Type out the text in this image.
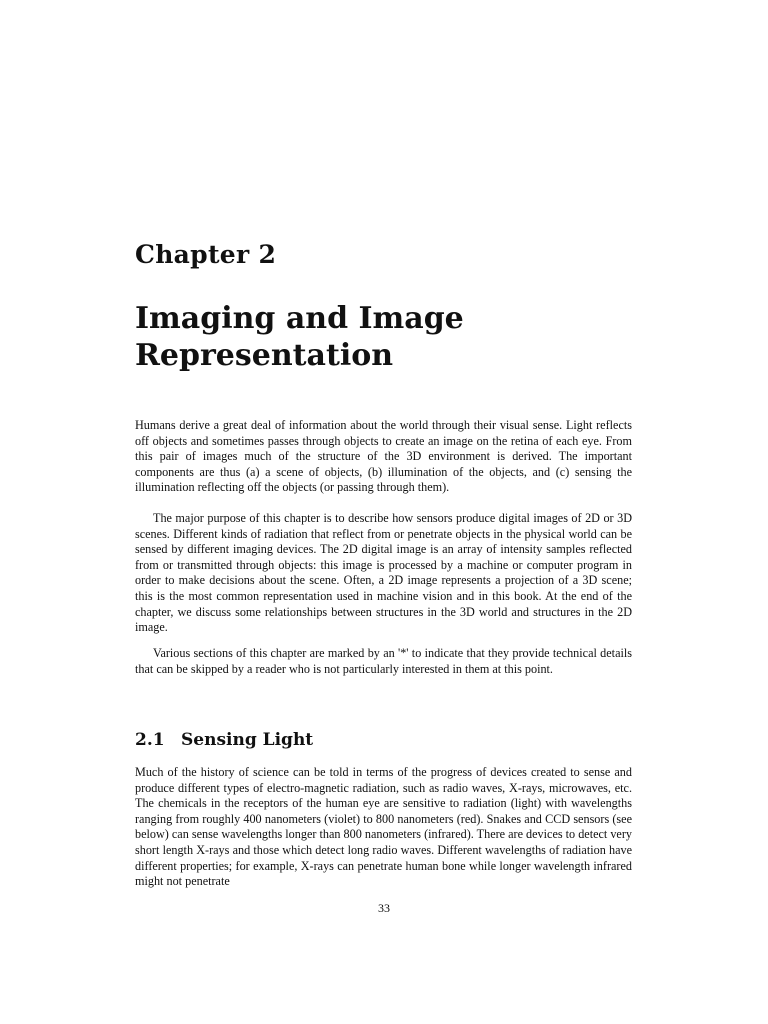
Chapter 2
Imaging and Image Representation

Humans derive a great deal of information about the world through their visual sense. Light reflects off objects and sometimes passes through objects to create an image on the retina of each eye. From this pair of images much of the structure of the 3D environment is derived. The important components are thus (a) a scene of objects, (b) illumination of the objects, and (c) sensing the illumination reflecting off the objects (or passing through them).

The major purpose of this chapter is to describe how sensors produce digital images of 2D or 3D scenes. Different kinds of radiation that reflect from or penetrate objects in the physical world can be sensed by different imaging devices. The 2D digital image is an array of intensity samples reflected from or transmitted through objects: this image is processed by a machine or computer program in order to make decisions about the scene. Often, a 2D image represents a projection of a 3D scene; this is the most common representation used in machine vision and in this book. At the end of the chapter, we discuss some relationships between structures in the 3D world and structures in the 2D image.

Various sections of this chapter are marked by an '*' to indicate that they provide technical details that can be skipped by a reader who is not particularly interested in them at this point.

2.1 Sensing Light

Much of the history of science can be told in terms of the progress of devices created to sense and produce different types of electro-magnetic radiation, such as radio waves, X-rays, microwaves, etc. The chemicals in the receptors of the human eye are sensitive to radiation (light) with wavelengths ranging from roughly 400 nanometers (violet) to 800 nanometers (red). Snakes and CCD sensors (see below) can sense wavelengths longer than 800 nanometers (infrared). There are devices to detect very short length X-rays and those which detect long radio waves. Different wavelengths of radiation have different properties; for example, X-rays can penetrate human bone while longer wavelength infrared might not penetrate

33
